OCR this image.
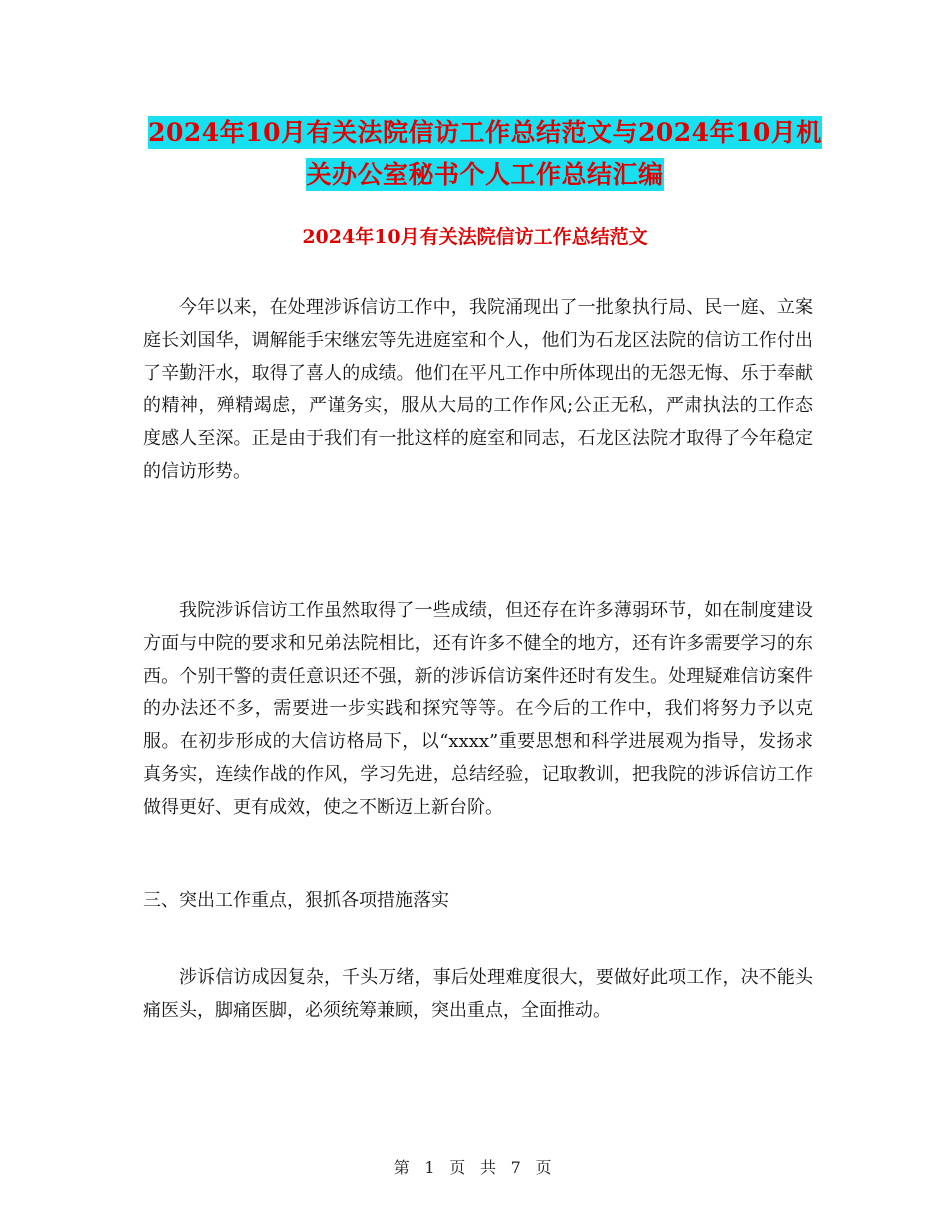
2024年10月有关法院信访工作总结范文与2024年10月机关办公室秘书个人工作总结汇编
2024年10月有关法院信访工作总结范文

今年以来，在处理涉诉信访工作中，我院涌现出了一批象执行局、民一庭、立案庭长刘国华，调解能手宋继宏等先进庭室和个人，他们为石龙区法院的信访工作付出了辛勤汗水，取得了喜人的成绩。他们在平凡工作中所体现出的无怨无悔、乐于奉献的精神，殚精竭虑，严谨务实，服从大局的工作作风;公正无私，严肃执法的工作态度感人至深。正是由于我们有一批这样的庭室和同志，石龙区法院才取得了今年稳定的信访形势。

我院涉诉信访工作虽然取得了一些成绩，但还存在许多薄弱环节，如在制度建设方面与中院的要求和兄弟法院相比，还有许多不健全的地方，还有许多需要学习的东西。个别干警的责任意识还不强，新的涉诉信访案件还时有发生。处理疑难信访案件的办法还不多，需要进一步实践和探究等等。在今后的工作中，我们将努力予以克服。在初步形成的大信访格局下，以“xxxx”重要思想和科学进展观为指导，发扬求真务实，连续作战的作风，学习先进，总结经验，记取教训，把我院的涉诉信访工作做得更好、更有成效，使之不断迈上新台阶。

三、突出工作重点，狠抓各项措施落实

涉诉信访成因复杂，千头万绪，事后处理难度很大，要做好此项工作，决不能头痛医头，脚痛医脚，必须统筹兼顾，突出重点，全面推动。

第 1 页 共 7 页
